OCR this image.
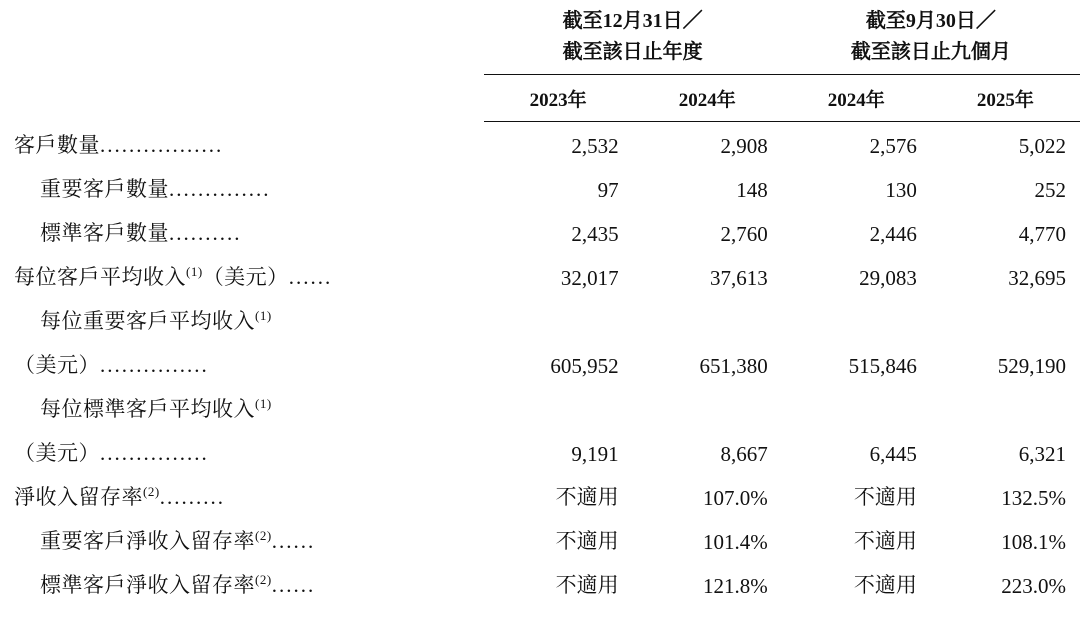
	截至12月31日／
截至該日止年度		截至9月30日／
截至該日止九個月	

	2023年	2024年	2024年	2025年

客戶數量.................	2,532	2,908	2,576	5,022
重要客戶數量..............	97	148	130	252
標準客戶數量..........	2,435	2,760	2,446	4,770
每位客戶平均收入$^{(1)}$（美元）......	32,017	37,613	29,083	32,695
每位重要客戶平均收入$^{(1)}$				
（美元）...............	605,952	651,380	515,846	529,190
每位標準客戶平均收入$^{(1)}$				
（美元）...............	9,191	8,667	6,445	6,321
淨收入留存率$^{(2)}$.........	不適用	107.0%	不適用	132.5%
重要客戶淨收入留存率$^{(2)}$......	不適用	101.4%	不適用	108.1%
標準客戶淨收入留存率$^{(2)}$......	不適用	121.8%	不適用	223.0%
